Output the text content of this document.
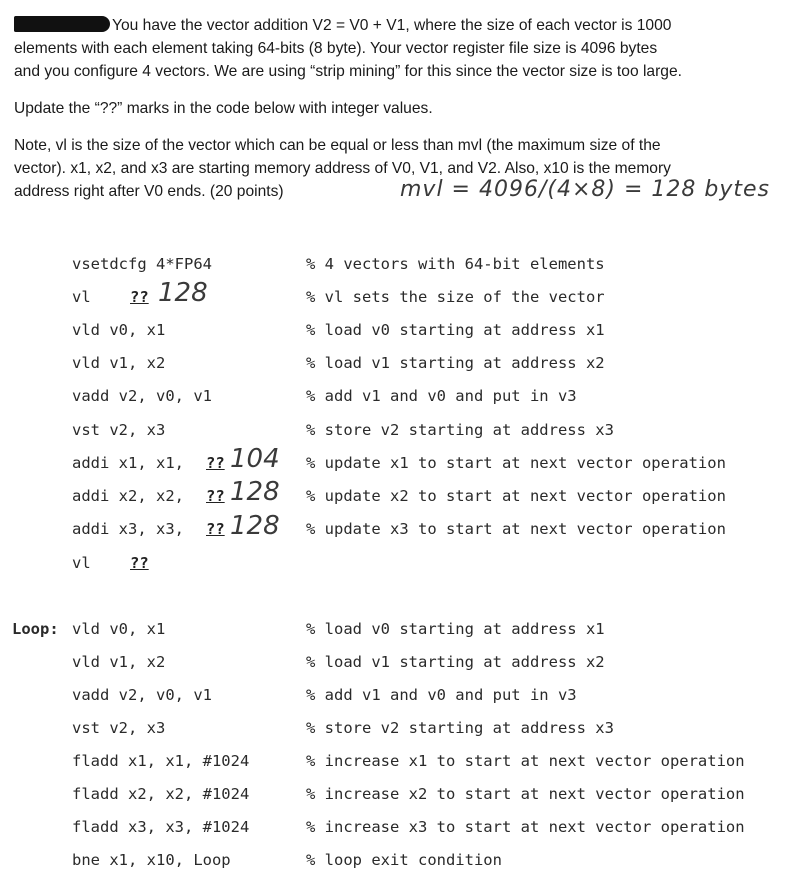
You have the vector addition V2 = V0 + V1, where the size of each vector is 1000
elements with each element taking 64-bits (8 byte). Your vector register file size is 4096 bytes
and you configure 4 vectors. We are using “strip mining” for this since the vector size is too large.
Update the “??” marks in the code below with integer values.
Note, vl is the size of the vector which can be equal or less than mvl (the maximum size of the
vector). x1, x2, and x3 are starting memory address of V0, V1, and V2. Also, x10 is the memory
address right after V0 ends. (20 points)	mvl = 4096/(4×8) = 128 bytes
vsetdcfg 4*FP64	% 4 vectors with 64-bit elements
vl	?? 128	% vl sets the size of the vector
vld v0, x1	% load v0 starting at address x1
vld v1, x2	% load v1 starting at address x2
vadd v2, v0, v1	% add v1 and v0 and put in v3
vst v2, x3	% store v2 starting at address x3
addi x1, x1, ?? 104 % update x1 to start at next vector operation
addi x2, x2, ?? 128 % update x2 to start at next vector operation
addi x3, x3, ?? 128 % update x3 to start at next vector operation
vl	??
Loop: vld v0, x1	% load v0 starting at address x1
vld v1, x2	% load v1 starting at address x2
vadd v2, v0, v1	% add v1 and v0 and put in v3
vst v2, x3	% store v2 starting at address x3
fladd x1, x1, #1024	% increase x1 to start at next vector operation
fladd x2, x2, #1024	% increase x2 to start at next vector operation
fladd x3, x3, #1024	% increase x3 to start at next vector operation
bne x1, x10, Loop	% loop exit condition
